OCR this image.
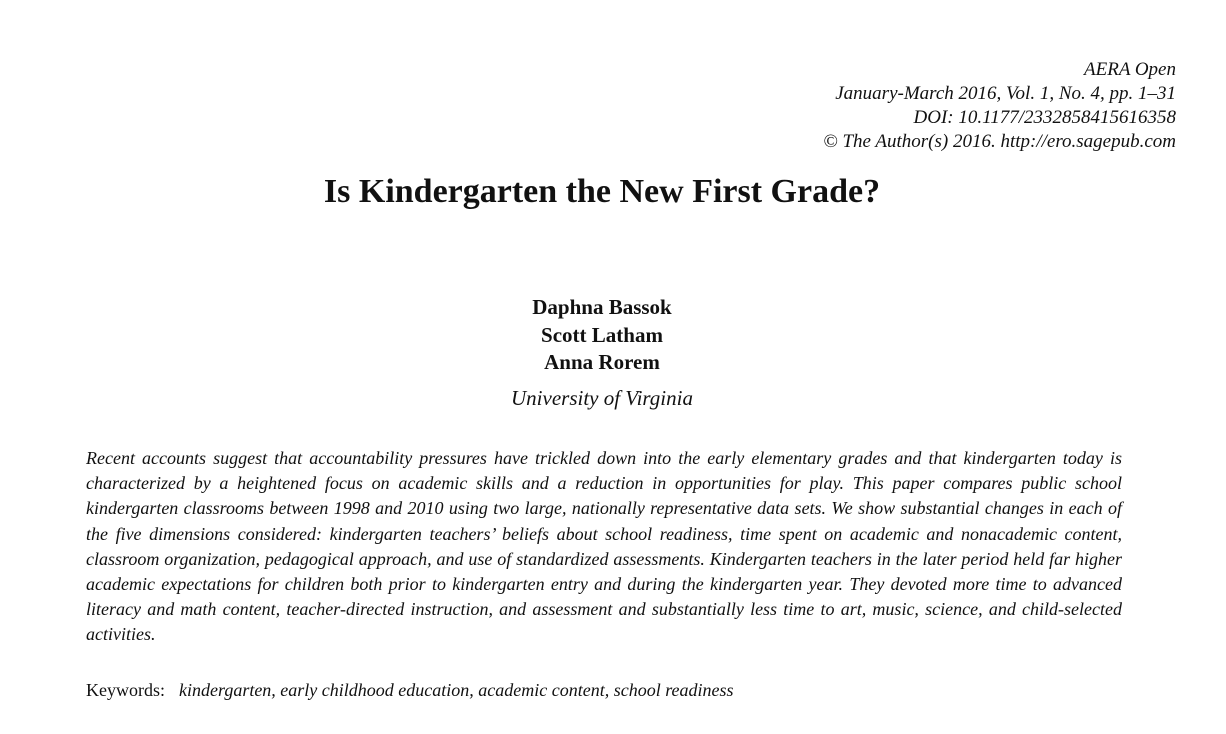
AERA Open
January-March 2016, Vol. 1, No. 4, pp. 1–31
DOI: 10.1177/2332858415616358
© The Author(s) 2016. http://ero.sagepub.com
Is Kindergarten the New First Grade?
Daphna Bassok
Scott Latham
Anna Rorem
University of Virginia

Recent accounts suggest that accountability pressures have trickled down into the early elementary grades and that kindergarten today is characterized by a heightened focus on academic skills and a reduction in opportunities for play. This paper compares public school kindergarten classrooms between 1998 and 2010 using two large, nationally representative data sets. We show substantial changes in each of the five dimensions considered: kindergarten teachers’ beliefs about school readiness, time spent on academic and nonacademic content, classroom organization, pedagogical approach, and use of standardized assessments. Kindergarten teachers in the later period held far higher academic expectations for children both prior to kindergarten entry and during the kindergarten year. They devoted more time to advanced literacy and math content, teacher-directed instruction, and assessment and substantially less time to art, music, science, and child-selected activities.

Keywords: kindergarten, early childhood education, academic content, school readiness
